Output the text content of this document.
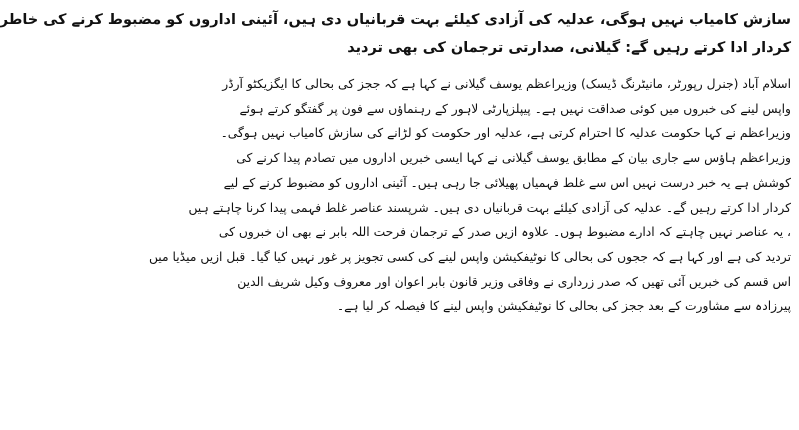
سازش کامیاب نہیں ہوگی، عدلیہ کی آزادی کیلئے بہت قربانیاں دی ہیں، آئینی اداروں کو مضبوط کرنے کی خاطر
کردار ادا کرتے رہیں گے: گیلانی، صدارتی ترجمان کی بھی تردید
اسلام آباد (جنرل رپورٹر، مانیٹرنگ ڈیسک) وزیراعظم یوسف گیلانی نے کہا ہے کہ ججز کی بحالی کا ایگزیکٹو آرڈر
واپس لینے کی خبروں میں کوئی صداقت نہیں ہے۔ پیپلزپارٹی لاہور کے رہنماؤں سے فون پر گفتگو کرتے ہوئے
وزیراعظم نے کہا حکومت عدلیہ کا احترام کرتی ہے، عدلیہ اور حکومت کو لڑانے کی سازش کامیاب نہیں ہوگی۔
وزیراعظم ہاؤس سے جاری بیان کے مطابق یوسف گیلانی نے کہا ایسی خبریں اداروں میں تصادم پیدا کرنے کی
کوشش ہے یہ خبر درست نہیں اس سے غلط فہمیاں پھیلائی جا رہی ہیں۔ آئینی اداروں کو مضبوط کرنے کے لیے
کردار ادا کرتے رہیں گے۔ عدلیہ کی آزادی کیلئے بہت قربانیاں دی ہیں۔ شرپسند عناصر غلط فہمی پیدا کرنا چاہتے ہیں
، یہ عناصر نہیں چاہتے کہ ادارے مضبوط ہوں۔ علاوہ ازیں صدر کے ترجمان فرحت اللہ بابر نے بھی ان خبروں کی
تردید کی ہے اور کہا ہے کہ ججوں کی بحالی کا نوٹیفکیشن واپس لینے کی کسی تجویز پر غور نہیں کیا گیا۔ قبل ازیں میڈیا میں
اس قسم کی خبریں آئی تھیں کہ صدر زرداری نے وفاقی وزیر قانون بابر اعوان اور معروف وکیل شریف الدین
پیرزادہ سے مشاورت کے بعد ججز کی بحالی کا نوٹیفکیشن واپس لینے کا فیصلہ کر لیا ہے۔
